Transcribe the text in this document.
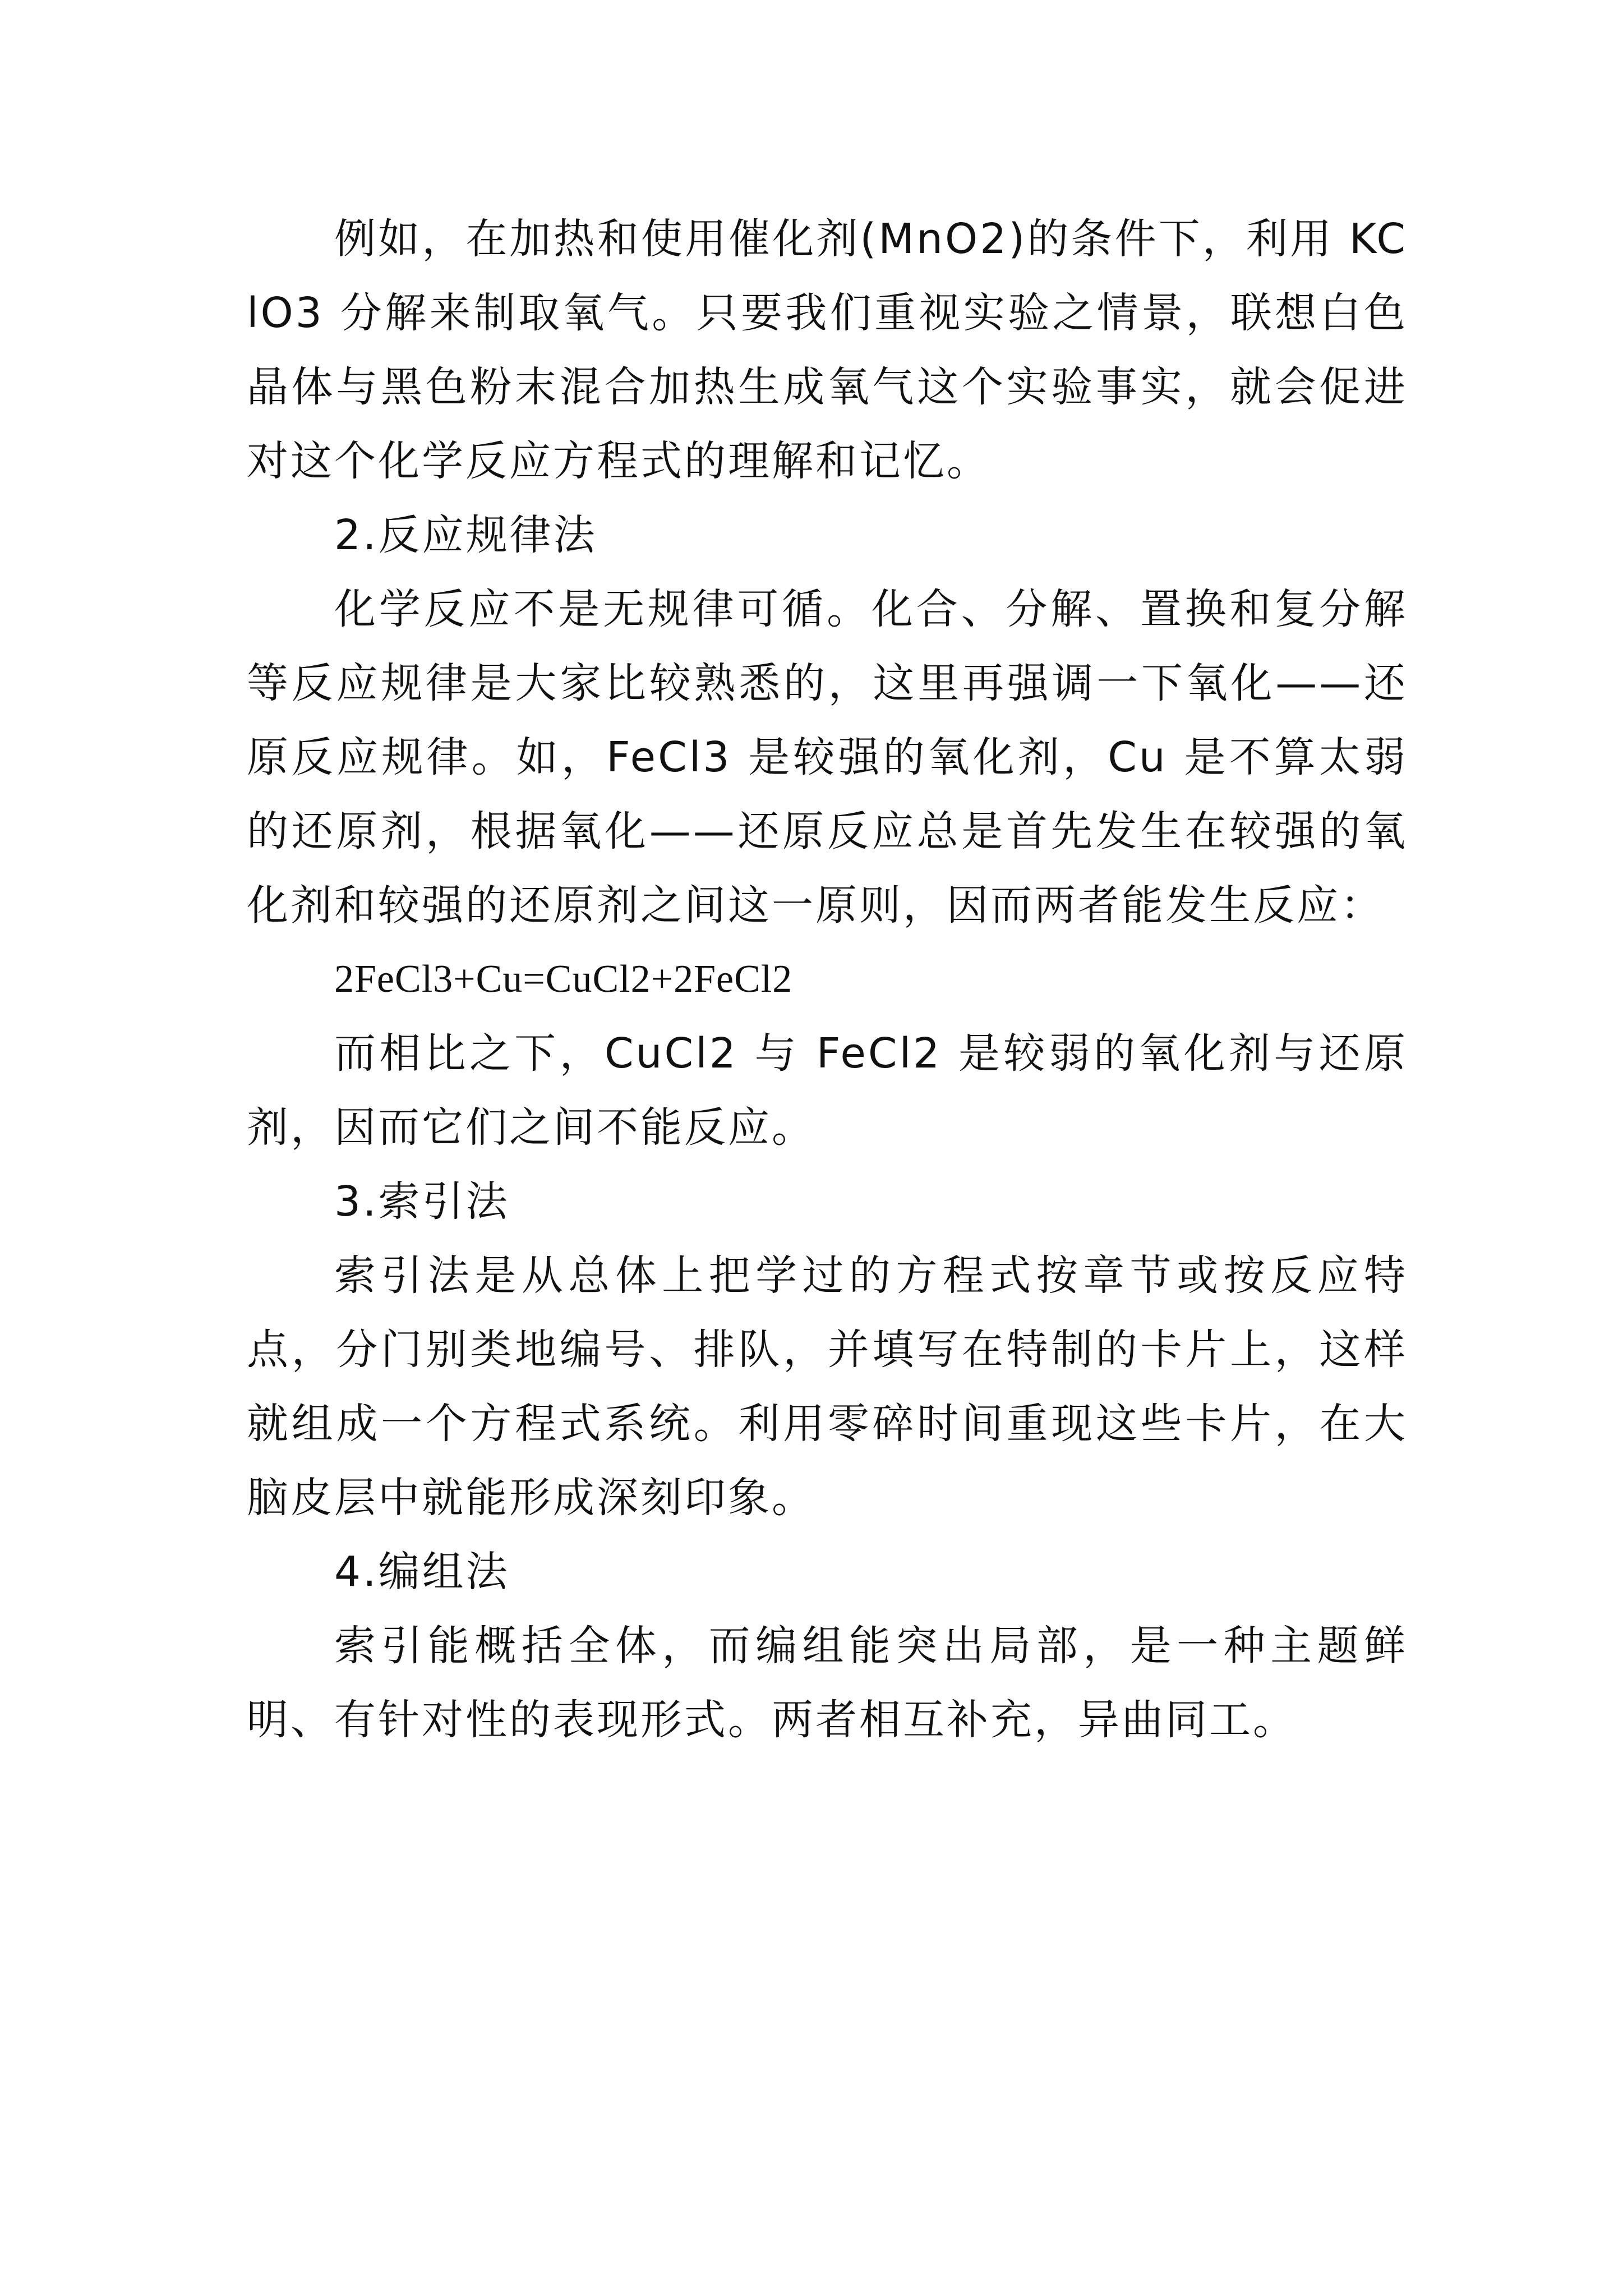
例如，在加热和使用催化剂(MnO2)的条件下，利用 KClO3 分解来制取氧气。只要我们重视实验之情景，联想白色晶体与黑色粉末混合加热生成氧气这个实验事实，就会促进对这个化学反应方程式的理解和记忆。

2.反应规律法

化学反应不是无规律可循。化合、分解、置换和复分解等反应规律是大家比较熟悉的，这里再强调一下氧化——还原反应规律。如，FeCl3 是较强的氧化剂，Cu 是不算太弱的还原剂，根据氧化——还原反应总是首先发生在较强的氧化剂和较强的还原剂之间这一原则，因而两者能发生反应：

2FeCl3+Cu=CuCl2+2FeCl2

而相比之下，CuCl2 与 FeCl2 是较弱的氧化剂与还原剂，因而它们之间不能反应。

3.索引法

索引法是从总体上把学过的方程式按章节或按反应特点，分门别类地编号、排队，并填写在特制的卡片上，这样就组成一个方程式系统。利用零碎时间重现这些卡片，在大脑皮层中就能形成深刻印象。

4.编组法

索引能概括全体，而编组能突出局部，是一种主题鲜明、有针对性的表现形式。两者相互补充，异曲同工。
